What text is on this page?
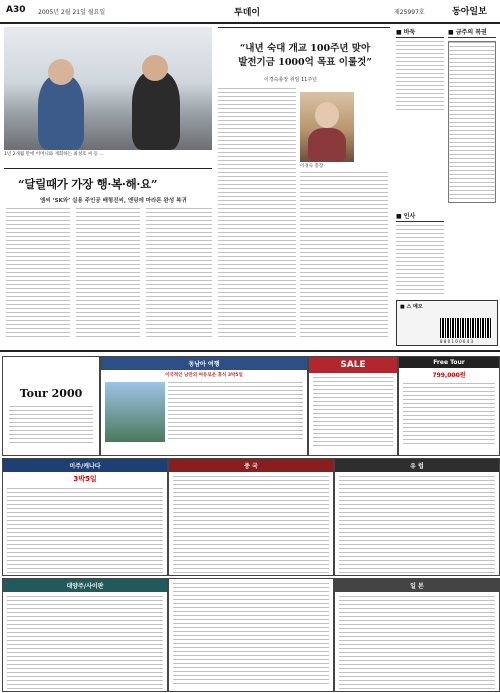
A30 2005년 2월 21일 월요일	투데이	제25997호	동아일보
1년 2개월 만에 어머니와 재회하는 최성호 씨 등 ...
“달릴때가 가장 행·복·해·요”
엠씨 ‘SK와’ 실용 주인공 배형진씨, 앤덩에 마라톤 완성 복귀
“내년 숙대 개교 100주년 맞아
발전기금 1000억 목표 이룰것”
이경숙총장 취임 11주년
이경숙 총장
■ 바둑	■ 금주의 복권
■ 인사
■ 스 메모
8 8 0 1 0 0 6 4 3
Tour 2000
동남아 여행
이국적인 남만의 여유로운 휴식 3박5일
SALE	Free Tour
799,000원
미주/캐나다
3박5일
중 국	유 럽
대양주/사이판	일 본
